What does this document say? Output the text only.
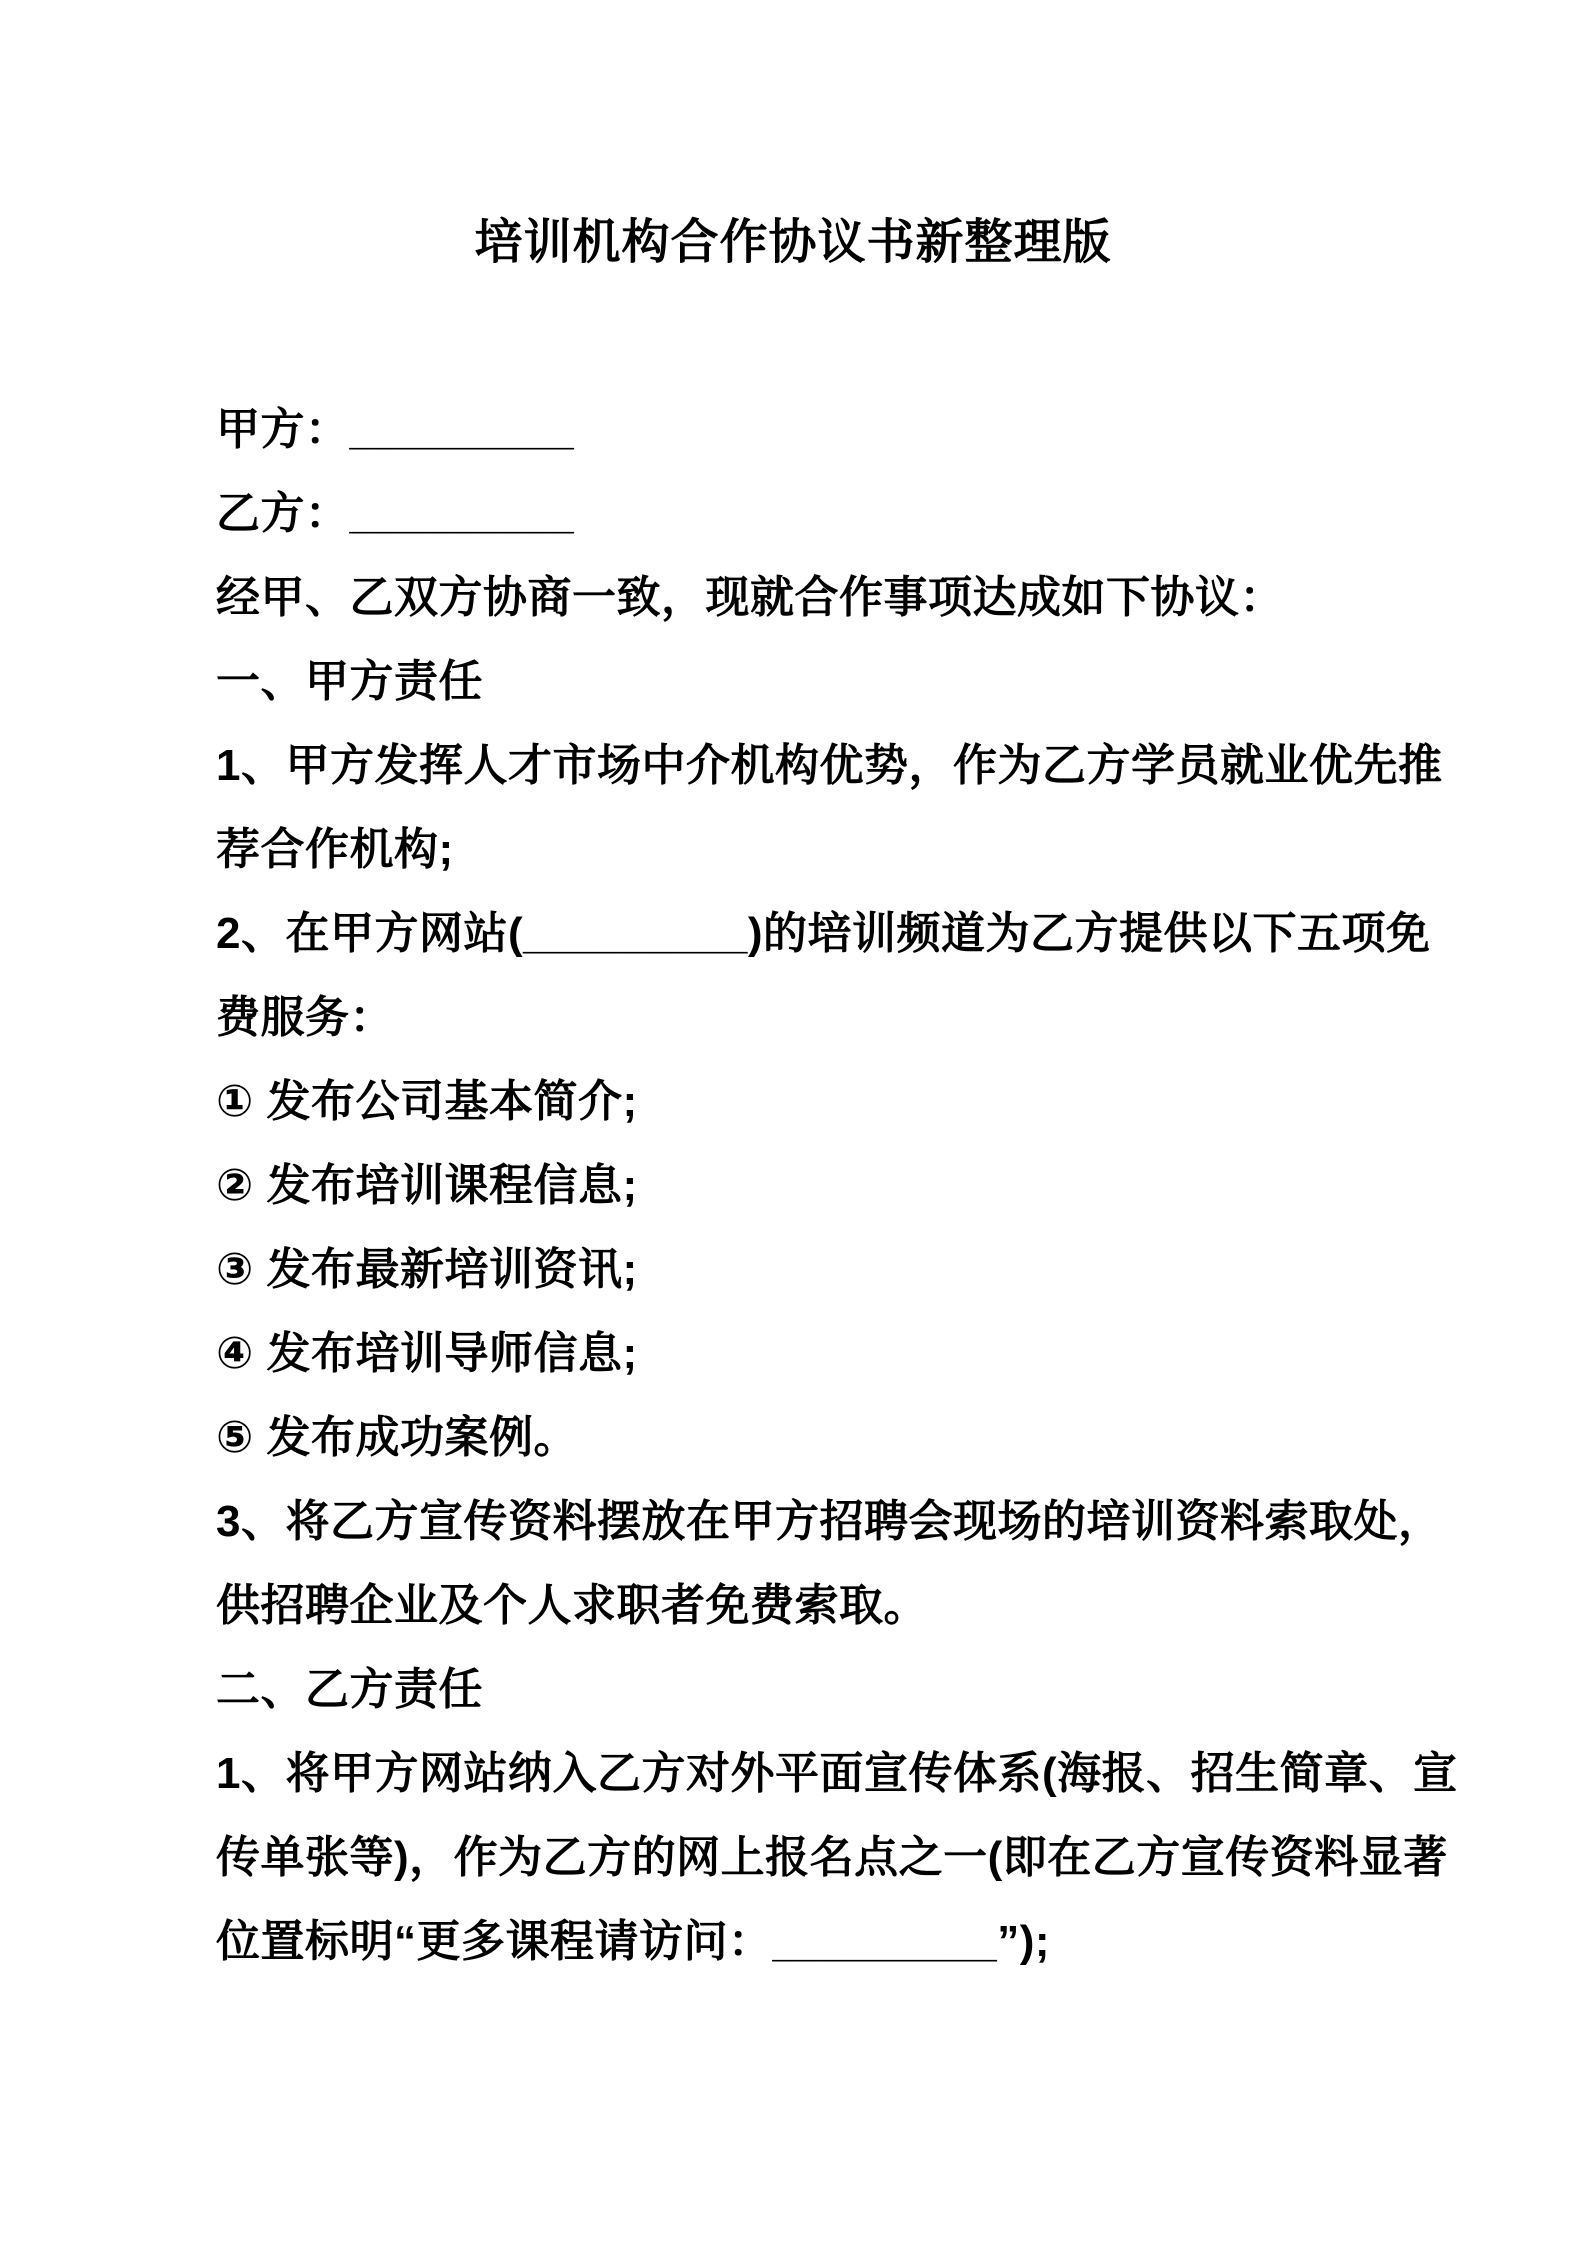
培训机构合作协议书新整理版
甲方：_________
乙方：_________
经甲、乙双方协商一致，现就合作事项达成如下协议：
一、甲方责任
1、甲方发挥人才市场中介机构优势，作为乙方学员就业优先推
荐合作机构;
2、在甲方网站(_________)的培训频道为乙方提供以下五项免
费服务：
① 发布公司基本简介;
② 发布培训课程信息;
③ 发布最新培训资讯;
④ 发布培训导师信息;
⑤ 发布成功案例。
3、将乙方宣传资料摆放在甲方招聘会现场的培训资料索取处，
供招聘企业及个人求职者免费索取。
二、乙方责任
1、将甲方网站纳入乙方对外平面宣传体系(海报、招生简章、宣
传单张等)，作为乙方的网上报名点之一(即在乙方宣传资料显著
位置标明“更多课程请访问：_________”);
